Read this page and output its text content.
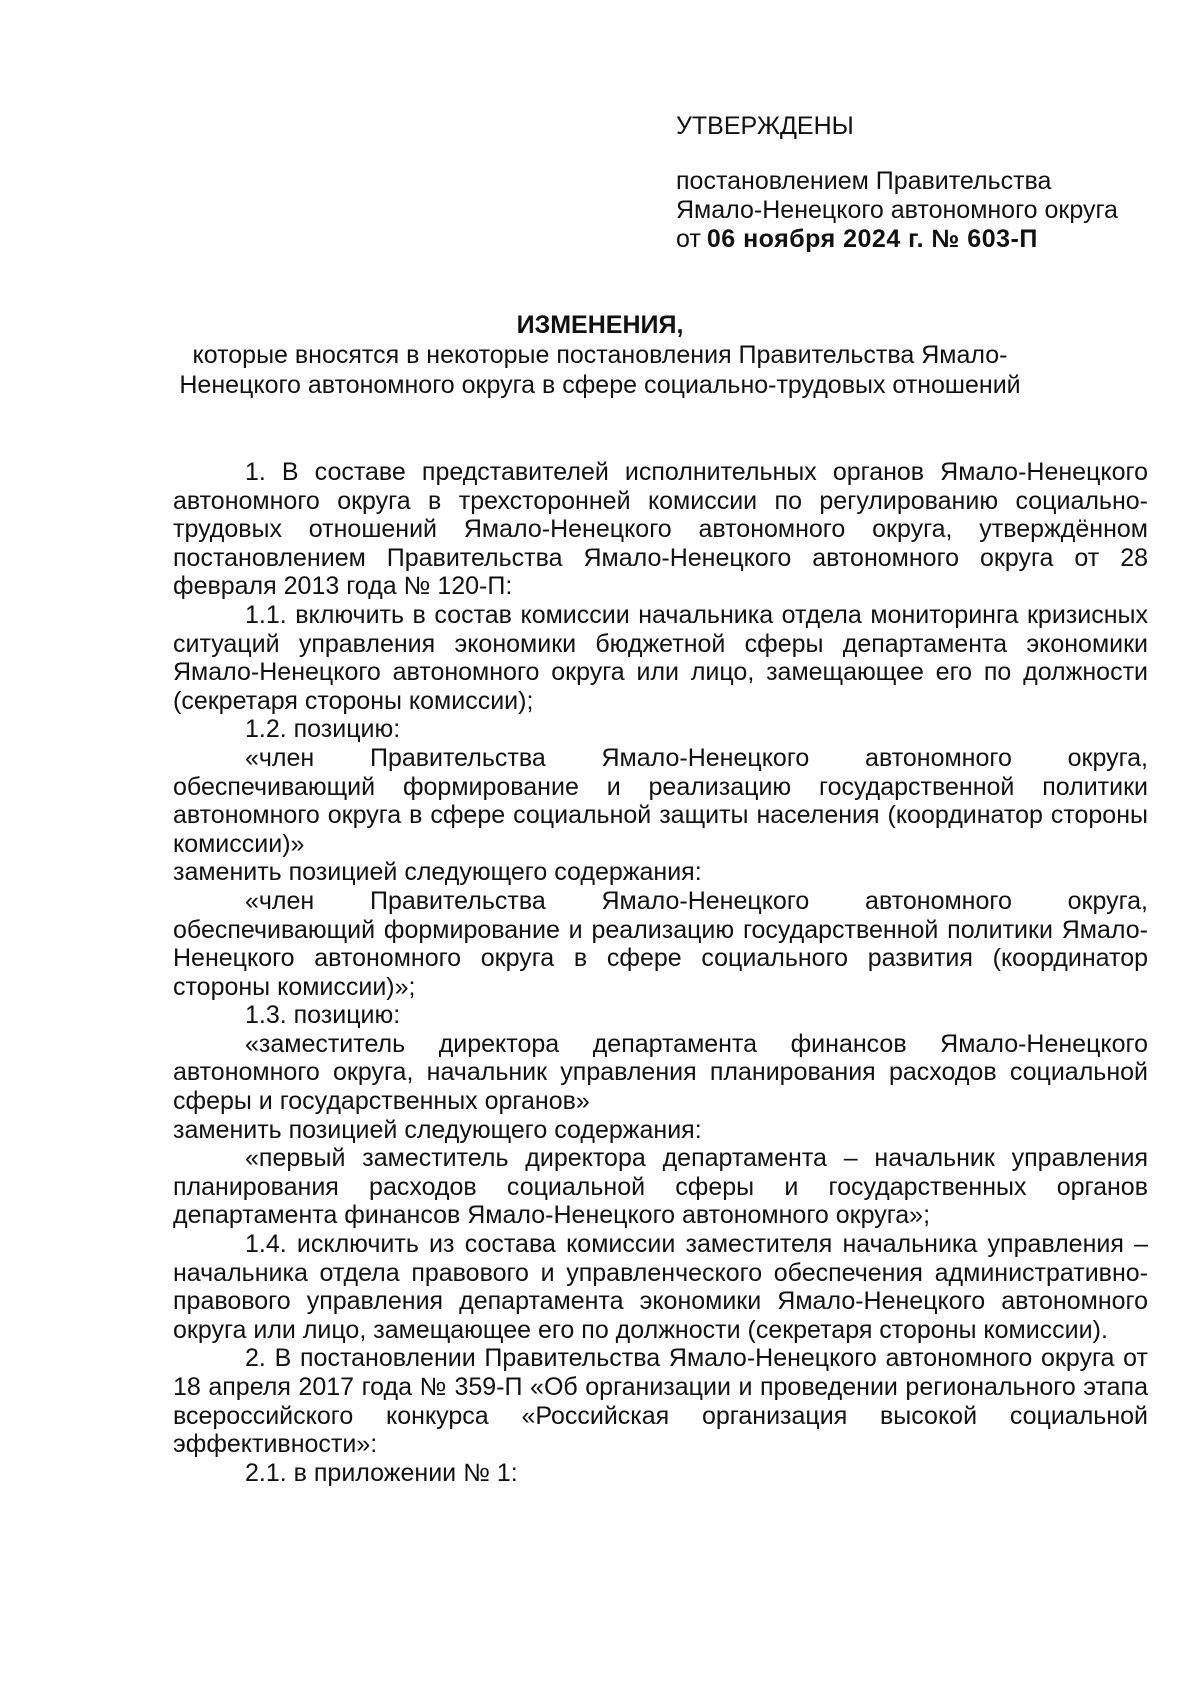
УТВЕРЖДЕНЫ
постановлением Правительства
Ямало-Ненецкого автономного округа
от 06 ноября 2024 г. № 603-П
ИЗМЕНЕНИЯ,
которые вносятся в некоторые постановления Правительства Ямало-
Ненецкого автономного округа в сфере социально-трудовых отношений

1. В составе представителей исполнительных органов Ямало-Ненецкого автономного округа в трехсторонней комиссии по регулированию социально-трудовых отношений Ямало-Ненецкого автономного округа, утверждённом постановлением Правительства Ямало-Ненецкого автономного округа от 28 февраля 2013 года № 120-П:

1.1. включить в состав комиссии начальника отдела мониторинга кризисных ситуаций управления экономики бюджетной сферы департамента экономики Ямало-Ненецкого автономного округа или лицо, замещающее его по должности (секретаря стороны комиссии);

1.2. позицию:

«член Правительства Ямало-Ненецкого автономного округа, обеспечивающий формирование и реализацию государственной политики автономного округа в сфере социальной защиты населения (координатор стороны комиссии)»

заменить позицией следующего содержания:

«член Правительства Ямало-Ненецкого автономного округа, обеспечивающий формирование и реализацию государственной политики Ямало-Ненецкого автономного округа в сфере социального развития (координатор стороны комиссии)»;

1.3. позицию:

«заместитель директора департамента финансов Ямало-Ненецкого автономного округа, начальник управления планирования расходов социальной сферы и государственных органов»

заменить позицией следующего содержания:

«первый заместитель директора департамента – начальник управления планирования расходов социальной сферы и государственных органов департамента финансов Ямало-Ненецкого автономного округа»;

1.4. исключить из состава комиссии заместителя начальника управления – начальника отдела правового и управленческого обеспечения административно-правового управления департамента экономики Ямало-Ненецкого автономного округа или лицо, замещающее его по должности (секретаря стороны комиссии).

2. В постановлении Правительства Ямало-Ненецкого автономного округа от 18 апреля 2017 года № 359-П «Об организации и проведении регионального этапа всероссийского конкурса «Российская организация высокой социальной эффективности»:

2.1. в приложении № 1:
